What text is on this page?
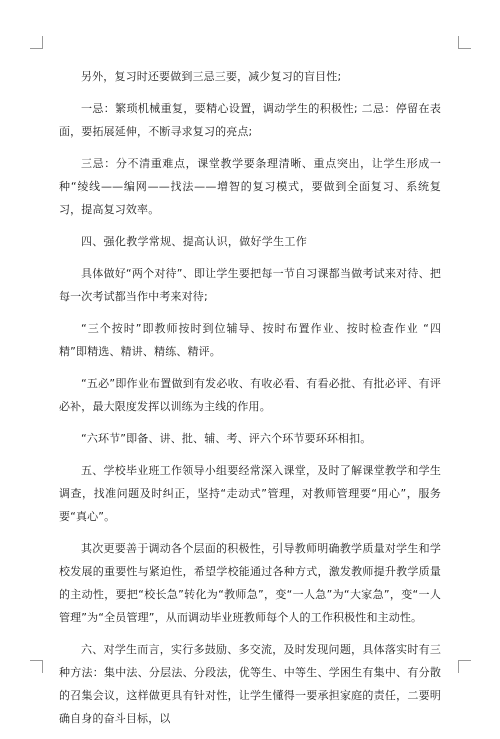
另外，复习时还要做到三忌三要，减少复习的盲目性;

一忌：繁琐机械重复，要精心设置，调动学生的积极性; 二忌：停留在表面，要拓展延伸，不断寻求复习的亮点;

三忌：分不清重难点，课堂教学要条理清晰、重点突出，让学生形成一种“绫线——编网——找法——增智的复习模式，要做到全面复习、系统复习，提高复习效率。

四、强化教学常规、提高认识，做好学生工作

具体做好“两个对待”、即让学生要把每一节自习课都当做考试来对待、把每一次考试都当作中考来对待;

“三个按时”即教师按时到位辅导、按时布置作业、按时检查作业 “四精”即精选、精讲、精练、精评。

“五必”即作业布置做到有发必收、有收必看、有看必批、有批必评、有评必补，最大限度发挥以训练为主线的作用。

“六环节”即备、讲、批、辅、考、评六个环节要环环相扣。

五、学校毕业班工作领导小组要经常深入课堂，及时了解课堂教学和学生调查，找准问题及时纠正，坚持“走动式”管理，对教师管理要“用心”，服务要“真心”。

其次更要善于调动各个层面的积极性，引导教师明确教学质量对学生和学校发展的重要性与紧迫性，希望学校能通过各种方式，激发教师提升教学质量的主动性，要把“校长急”转化为“教师急”，变“一人急”为“大家急”，变“一人管理”为“全员管理”，从而调动毕业班教师每个人的工作积极性和主动性。

六、对学生而言，实行多鼓励、多交流，及时发现问题，具体落实时有三种方法：集中法、分层法、分段法，优等生、中等生、学困生有集中、有分散的召集会议，这样做更具有针对性，让学生懂得一要承担家庭的责任，二要明确自身的奋斗目标，以
